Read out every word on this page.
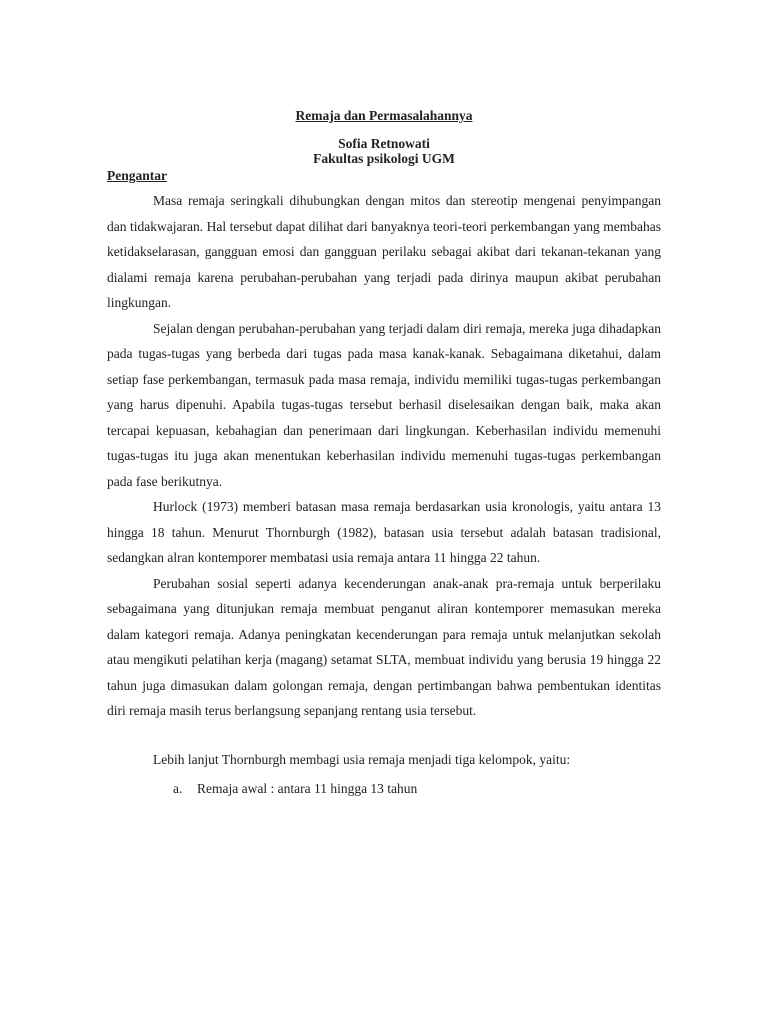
Remaja dan Permasalahannya

Sofia Retnowati

Fakultas psikologi UGM

Pengantar

Masa remaja seringkali dihubungkan dengan mitos dan stereotip mengenai penyimpangan dan tidakwajaran. Hal tersebut dapat dilihat dari banyaknya teori-teori perkembangan yang membahas ketidakselarasan, gangguan emosi dan gangguan perilaku sebagai akibat dari tekanan-tekanan yang dialami remaja karena perubahan-perubahan yang terjadi pada dirinya maupun akibat perubahan lingkungan.

Sejalan dengan perubahan-perubahan yang terjadi dalam diri remaja, mereka juga dihadapkan pada tugas-tugas yang berbeda dari tugas pada masa kanak-kanak. Sebagaimana diketahui, dalam setiap fase perkembangan, termasuk pada masa remaja, individu memiliki tugas-tugas perkembangan yang harus dipenuhi. Apabila tugas-tugas tersebut berhasil diselesaikan dengan baik, maka akan tercapai kepuasan, kebahagian dan penerimaan dari lingkungan. Keberhasilan individu memenuhi tugas-tugas itu juga akan menentukan keberhasilan individu memenuhi tugas-tugas perkembangan pada fase berikutnya.

Hurlock (1973) memberi batasan masa remaja berdasarkan usia kronologis, yaitu antara 13 hingga 18 tahun. Menurut Thornburgh (1982), batasan usia tersebut adalah batasan tradisional, sedangkan alran kontemporer membatasi usia remaja antara 11 hingga 22 tahun.

Perubahan sosial seperti adanya kecenderungan anak-anak pra-remaja untuk berperilaku sebagaimana yang ditunjukan remaja membuat penganut aliran kontemporer memasukan mereka dalam kategori remaja. Adanya peningkatan kecenderungan para remaja untuk melanjutkan sekolah atau mengikuti pelatihan kerja (magang) setamat SLTA, membuat individu yang berusia 19 hingga 22 tahun juga dimasukan dalam golongan remaja, dengan pertimbangan bahwa pembentukan identitas diri remaja masih terus berlangsung sepanjang rentang usia tersebut.

Lebih lanjut Thornburgh membagi usia remaja menjadi tiga kelompok, yaitu:

a. Remaja awal : antara 11 hingga 13 tahun
